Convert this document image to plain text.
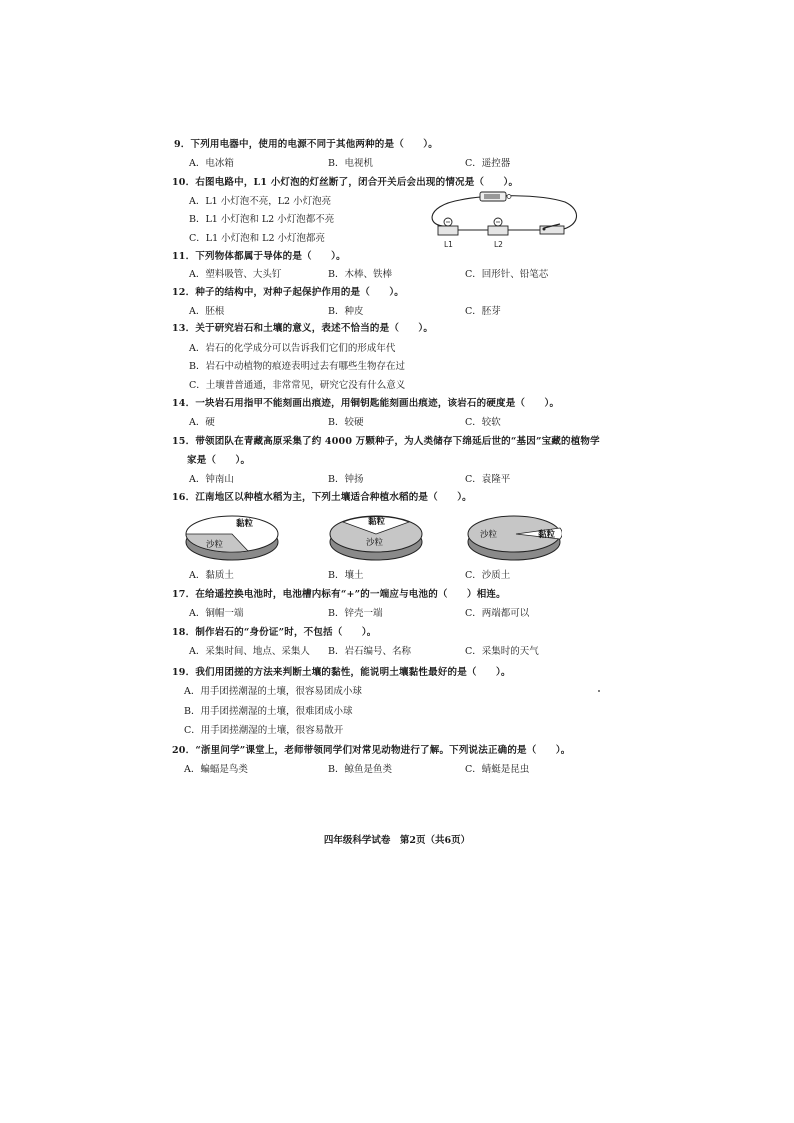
9．下列用电器中，使用的电源不同于其他两种的是（　　）。
A．电冰箱	B．电视机	C．遥控器
10．右图电路中，L1 小灯泡的灯丝断了，闭合开关后会出现的情况是（　　）。
A．L1 小灯泡不亮，L2 小灯泡亮
B．L1 小灯泡和 L2 小灯泡都不亮
C．L1 小灯泡和 L2 小灯泡都亮
L1	L2
11．下列物体都属于导体的是（　　）。
A．塑料吸管、大头钉	B．木棒、铁棒	C．回形针、铅笔芯
12．种子的结构中，对种子起保护作用的是（　　）。
A．胚根	B．种皮	C．胚芽
13．关于研究岩石和土壤的意义，表述不恰当的是（　　）。
A．岩石的化学成分可以告诉我们它们的形成年代
B．岩石中动植物的痕迹表明过去有哪些生物存在过
C．土壤普普通通，非常常见，研究它没有什么意义
14．一块岩石用指甲不能刻画出痕迹，用铜钥匙能刻画出痕迹，该岩石的硬度是（　　）。
A．硬	B．较硬	C．较软
15．带领团队在青藏高原采集了约 4000 万颗种子，为人类储存下绵延后世的“基因”宝藏的植物学
家是（　　）。
A．钟南山	B．钟扬	C．袁隆平
16．江南地区以种植水稻为主，下列土壤适合种植水稻的是（　　）。
黏粒
沙粒
黏粒
沙粒
沙粒	黏粒
A．黏质土	B．壤土	C．沙质土
17．在给遥控换电池时，电池槽内标有“+”的一端应与电池的（　　）相连。
A．铜帽一端	B．锌壳一端	C．两端都可以
18．制作岩石的“身份证”时，不包括（　　）。
A．采集时间、地点、采集人 B．岩石编号、名称	C．采集时的天气
19．我们用团搓的方法来判断土壤的黏性，能说明土壤黏性最好的是（　　）。
A．用手团搓潮湿的土壤，很容易团成小球
B．用手团搓潮湿的土壤，很难团成小球
C．用手团搓潮湿的土壤，很容易散开
20．“浙里问学”课堂上，老师带领同学们对常见动物进行了解。下列说法正确的是（　　）。
A．蝙蝠是鸟类	B．鲸鱼是鱼类	C．蜻蜓是昆虫
四年级科学试卷　第2页（共6页）
